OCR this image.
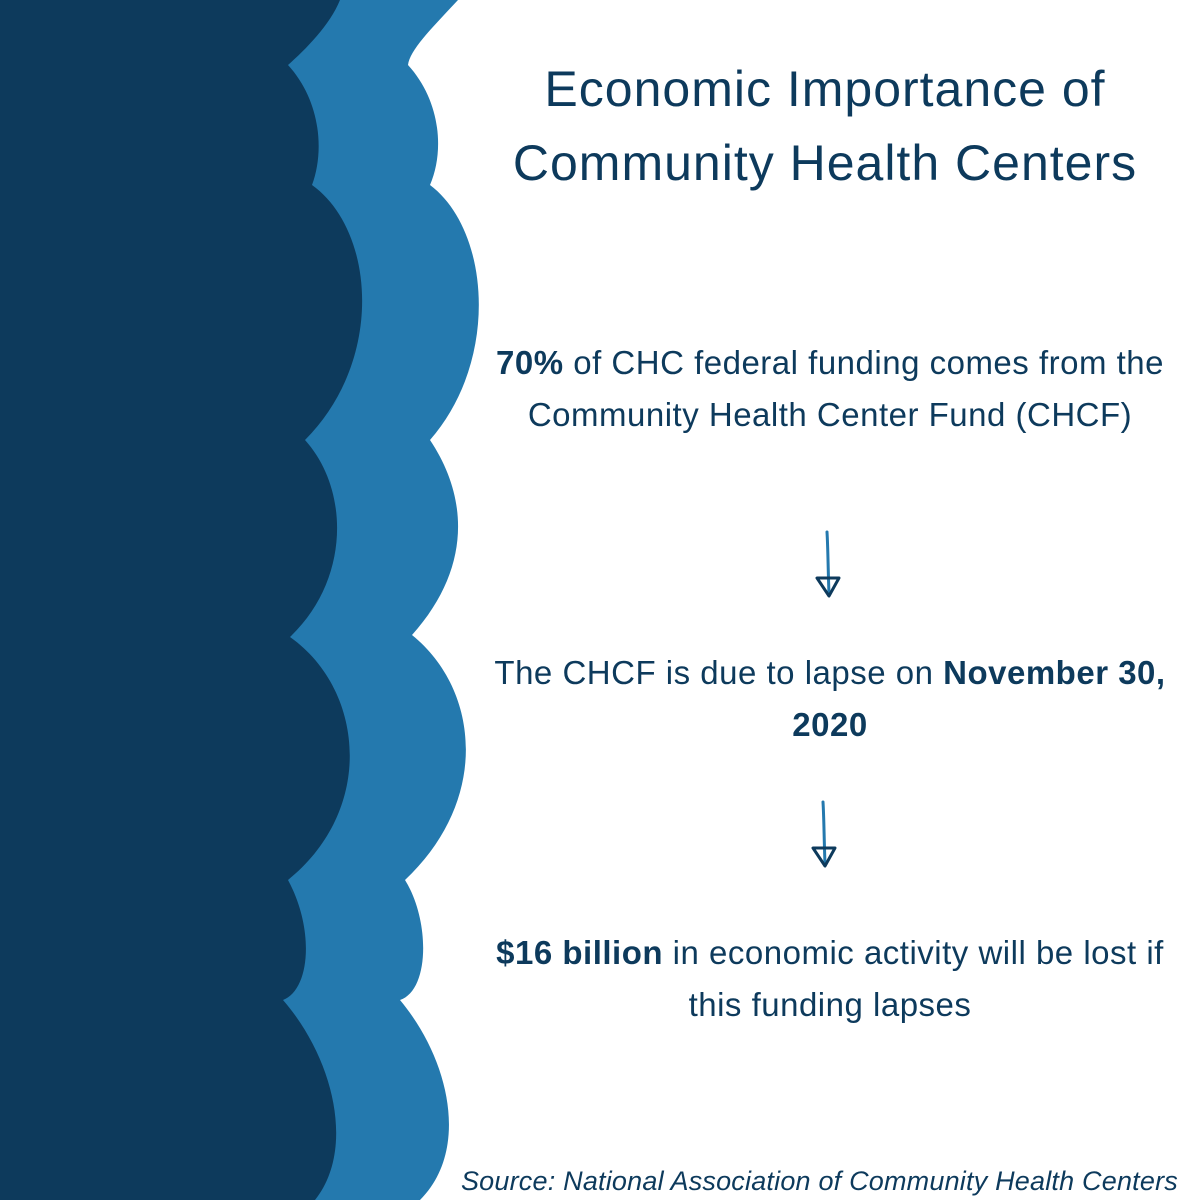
Economic Importance of
Community Health Centers

70% of CHC federal funding comes from the Community Health Center Fund (CHCF)

The CHCF is due to lapse on November 30, 2020

$16 billion in economic activity will be lost if this funding lapses

Source: National Association of Community Health Centers
